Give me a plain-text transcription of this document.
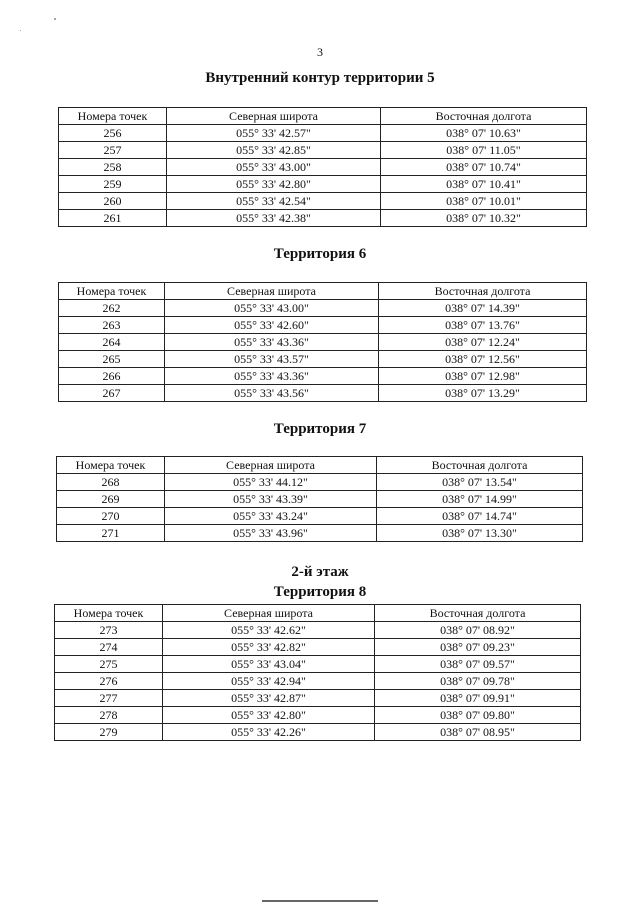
3
Внутренний контур территории 5
Номера точек	Северная широта	Восточная долгота
256	055° 33' 42.57"	038° 07' 10.63"
257	055° 33' 42.85"	038° 07' 11.05"
258	055° 33' 43.00"	038° 07' 10.74"
259	055° 33' 42.80"	038° 07' 10.41"
260	055° 33' 42.54"	038° 07' 10.01"
261	055° 33' 42.38"	038° 07' 10.32"
Территория 6
Номера точек	Северная широта	Восточная долгота
262	055° 33' 43.00"	038° 07' 14.39"
263	055° 33' 42.60"	038° 07' 13.76"
264	055° 33' 43.36"	038° 07' 12.24"
265	055° 33' 43.57"	038° 07' 12.56"
266	055° 33' 43.36"	038° 07' 12.98"
267	055° 33' 43.56"	038° 07' 13.29"
Территория 7
Номера точек	Северная широта	Восточная долгота
268	055° 33' 44.12"	038° 07' 13.54"
269	055° 33' 43.39"	038° 07' 14.99"
270	055° 33' 43.24"	038° 07' 14.74"
271	055° 33' 43.96"	038° 07' 13.30"
2-й этаж
Территория 8
Номера точек	Северная широта	Восточная долгота
273	055° 33' 42.62"	038° 07' 08.92"
274	055° 33' 42.82"	038° 07' 09.23"
275	055° 33' 43.04"	038° 07' 09.57"
276	055° 33' 42.94"	038° 07' 09.78"
277	055° 33' 42.87"	038° 07' 09.91"
278	055° 33' 42.80"	038° 07' 09.80"
279	055° 33' 42.26"	038° 07' 08.95"
